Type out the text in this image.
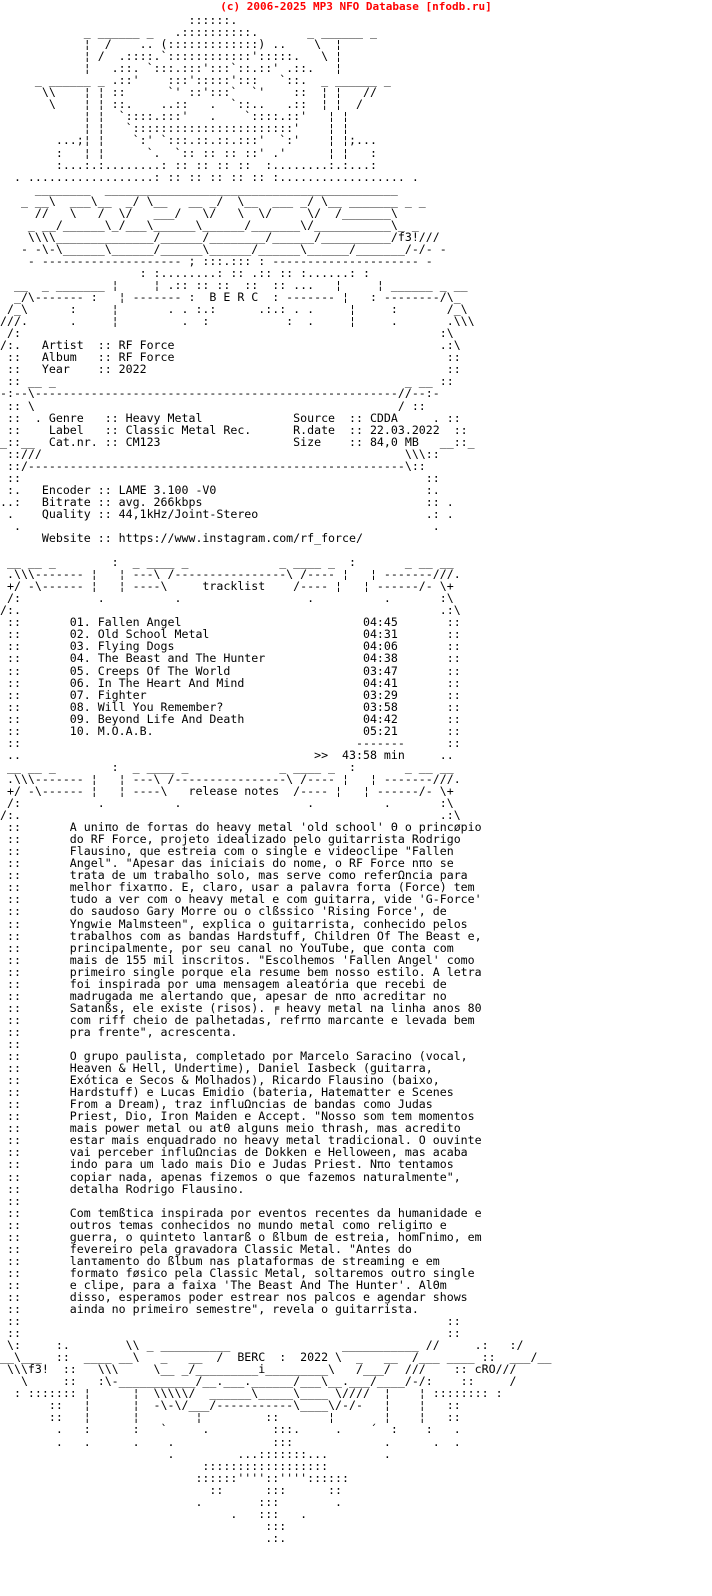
(c) 2006-2025 MP3 NFO Database [nfodb.ru]
::::::.
_ ______ _   .::::::::::.       _ ______ _
¦  /    .. (:::::::::::::) ..    \  ¦
¦ /  .::::.`::::::::::::':::::.   \ ¦
¦   .::. `:::.:::':::`::.::' .::.   ¦
_ ______ _ .::'    :::':::::':::   `::.  _ ______ _
\\    ¦ ¦ ::      `' ::':::`  `'    ::  ¦ ¦   //
\    ¦ ¦ ::.    ..::   .  `::..   .::  ¦ ¦  /
¦ ¦  `::::.:::'   .    `::::.::'   ¦ ¦
¦ ¦   `:::::::::::::::::::::::'    ¦ ¦
...;¦ ¦    `:' `:::.::.::.:::'  `:'    ¦ ¦;...
:   ¦ ¦      `.  `:: :: :: ::' .'      ¦ ¦   :
:...:.:........: :: :: :: ::  :........:.:...:
. ..................: :: :: :: :: :: :.................. .
________  __________________________________________
_ __\  ___\__  _/ \__   __ _/  \__  ___ _/ \__ _______ _ _
//   \   /  \/   ___/   \/   \  \/     \/  /_______\
_ __/______\_/___\______\______/_______\/___________\_ _
\\\\______________/______/________/______/__________/f3!///
- -\-\______\______/______\______/______\______/_______/-/- -
- -------------------- ; :::.::: : --------------------- -
: :........: :: .:: :: :......: :
__  _ _______ ¦     ¦ .:: :: ::  ::  :: ...   ¦     ¦ ______ _ __
_/\------- :   ¦ ------- :  B E R C  : ------- ¦   : --------/\_
/_\      :     ¦       . . :.:      .:.: . .     ¦     :       /_\
///.      .     ¦         .  :           :  .     ¦     .       .\\\
/:                                                            :\
/:.   Artist  :: RF Force                                      .:\
::   Album   :: RF Force                                       ::
::   Year    :: 2022                                           ::
:: __ _                                                  _ __ ::
-:--\----------------------------------------------------//--:-
:: \                                                    / ::
::  . Genre   :: Heavy Metal             Source  :: CDDA     . ::
::    Label   :: Classic Metal Rec.      R.date  :: 22.03.2022  ::
_::__  Cat.nr. :: CM123                   Size    :: 84,0 MB   __::_
::///                                                    \\\::
::/------------------------------------------------------\::
::                                                          ::
:.   Encoder :: LAME 3.100 -V0                              :.
..:   Bitrate :: avg. 266kbps                                :: .
.    Quality :: 44,1kHz/Joint-Stereo                        .: .
.                                                           .
Website :: https://www.instagram.com/rf_force/

__ __ _        :  _ ____ _             _ ____ _  :       _ __ __
.\\\------- ¦   ¦ ---\ /----------------\ /---- ¦   ¦ -------///.
+/ -\------ ¦   ¦ ----\     tracklist    /---- ¦   ¦ ------/- \+
/:           .          .                  .          .       :\
/:.                                                            .:\
::       01. Fallen Angel                          04:45       ::
::       02. Old School Metal                      04:31       ::
::       03. Flying Dogs                           04:06       ::
::       04. The Beast and The Hunter              04:38       ::
::       05. Creeps Of The World                   03:47       ::
::       06. In The Heart And Mind                 04:41       ::
::       07. Fighter                               03:29       ::
::       08. Will You Remember?                    03:58       ::
::       09. Beyond Life And Death                 04:42       ::
::       10. M.O.A.B.                              05:21       ::
::                                                -------      ::
..                                          >>  43:58 min     ..
__ __ _        :  _ ____ _             _ ____ _  :       _ __ __
.\\\------- ¦   ¦ ---\ /----------------\ /---- ¦   ¦ -------///.
+/ -\------ ¦   ¦ ----\   release notes  /---- ¦   ¦ ------/- \+
/:           .          .                  .          .       :\
/:.                                                            .:\
::       A uniπo de forτas do heavy metal 'old school' Θ o princøpio
::       do RF Force, projeto idealizado pelo guitarrista Rodrigo
::       Flausino, que estreia com o single e videoclipe "Fallen
::       Angel". "Apesar das iniciais do nome, o RF Force nπo se
::       trata de um trabalho solo, mas serve como referΩncia para
::       melhor fixaτπo. E, claro, usar a palavra forτa (Force) tem
::       tudo a ver com o heavy metal e com guitarra, vide 'G-Force'
::       do saudoso Gary Morre ou o clßssico 'Rising Force', de
::       Yngwie Malmsteen", explica o guitarrista, conhecido pelos
::       trabalhos com as bandas Hardstuff, Children Of The Beast e,
::       principalmente, por seu canal no YouTube, que conta com
::       mais de 155 mil inscritos. "Escolhemos 'Fallen Angel' como
::       primeiro single porque ela resume bem nosso estilo. A letra
::       foi inspirada por uma mensagem aleatória que recebi de
::       madrugada me alertando que, apesar de nπo acreditar no
::       Satanßs, ele existe (risos). ╒ heavy metal na linha anos 80
::       com riff cheio de palhetadas, refrπo marcante e levada bem
::       pra frente", acrescenta.
::
::       O grupo paulista, completado por Marcelo Saracino (vocal,
::       Heaven & Hell, Undertime), Daniel Iasbeck (guitarra,
::       Exótica e Secos & Molhados), Ricardo Flausino (baixo,
::       Hardstuff) e Lucas Emidio (bateria, Hatematter e Scenes
::       From a Dream), traz influΩncias de bandas como Judas
::       Priest, Dio, Iron Maiden e Accept. "Nosso som tem momentos
::       mais power metal ou atΘ alguns meio thrash, mas acredito
::       estar mais enquadrado no heavy metal tradicional. O ouvinte
::       vai perceber influΩncias de Dokken e Helloween, mas acaba
::       indo para um lado mais Dio e Judas Priest. Nπo tentamos
::       copiar nada, apenas fizemos o que fazemos naturalmente",
::       detalha Rodrigo Flausino.
::
::       Com temßtica inspirada por eventos recentes da humanidade e
::       outros temas conhecidos no mundo metal como religiπo e
::       guerra, o quinteto lanτarß o ßlbum de estreia, homΓnimo, em
::       fevereiro pela gravadora Classic Metal. "Antes do
::       lanτamento do ßlbum nas plataformas de streaming e em
::       formato føsico pela Classic Metal, soltaremos outro single
::       e clipe, para a faixa 'The Beast And The Hunter'. AlΘm
::       disso, esperamos poder estrear nos palcos e agendar shows
::       ainda no primeiro semestre", revela o guitarrista.
::                                                             ::
::                                                             ::
\:     :.        \\ _ __________                ___________ //     .:   :/
__\___  ::  ____ __\   _   __  /  BERC  :  2022 \  _   __  /___ ____ ::  ___/__
\\\f3!  ::   \\\     \__ _/_________i_________\   /___/  ///    :: cRO///
\     ::   :\-___________/__.___.______/___\__.___/____/-/:    ::     /
: ::::::: ¦      ¦  \\\\\/  ______\_____\____ \////  ¦    ¦ :::::::: :
::   ¦      ¦  -\-\/___/-----------\____\/-/-   ¦    ¦   ::
::   ¦      ¦        ¦         ::       ¦       ¦    ¦   ::
.   :      :   `     .         :::.     .    ´  :    :   .
.   .      .    .              :::             .      .  .
.         ...:::::::...        .
::::::::::::::::::
::::::''''::''''::::::
::      :::      ::
.        :::        .
.   :::   .
:::
.:.
